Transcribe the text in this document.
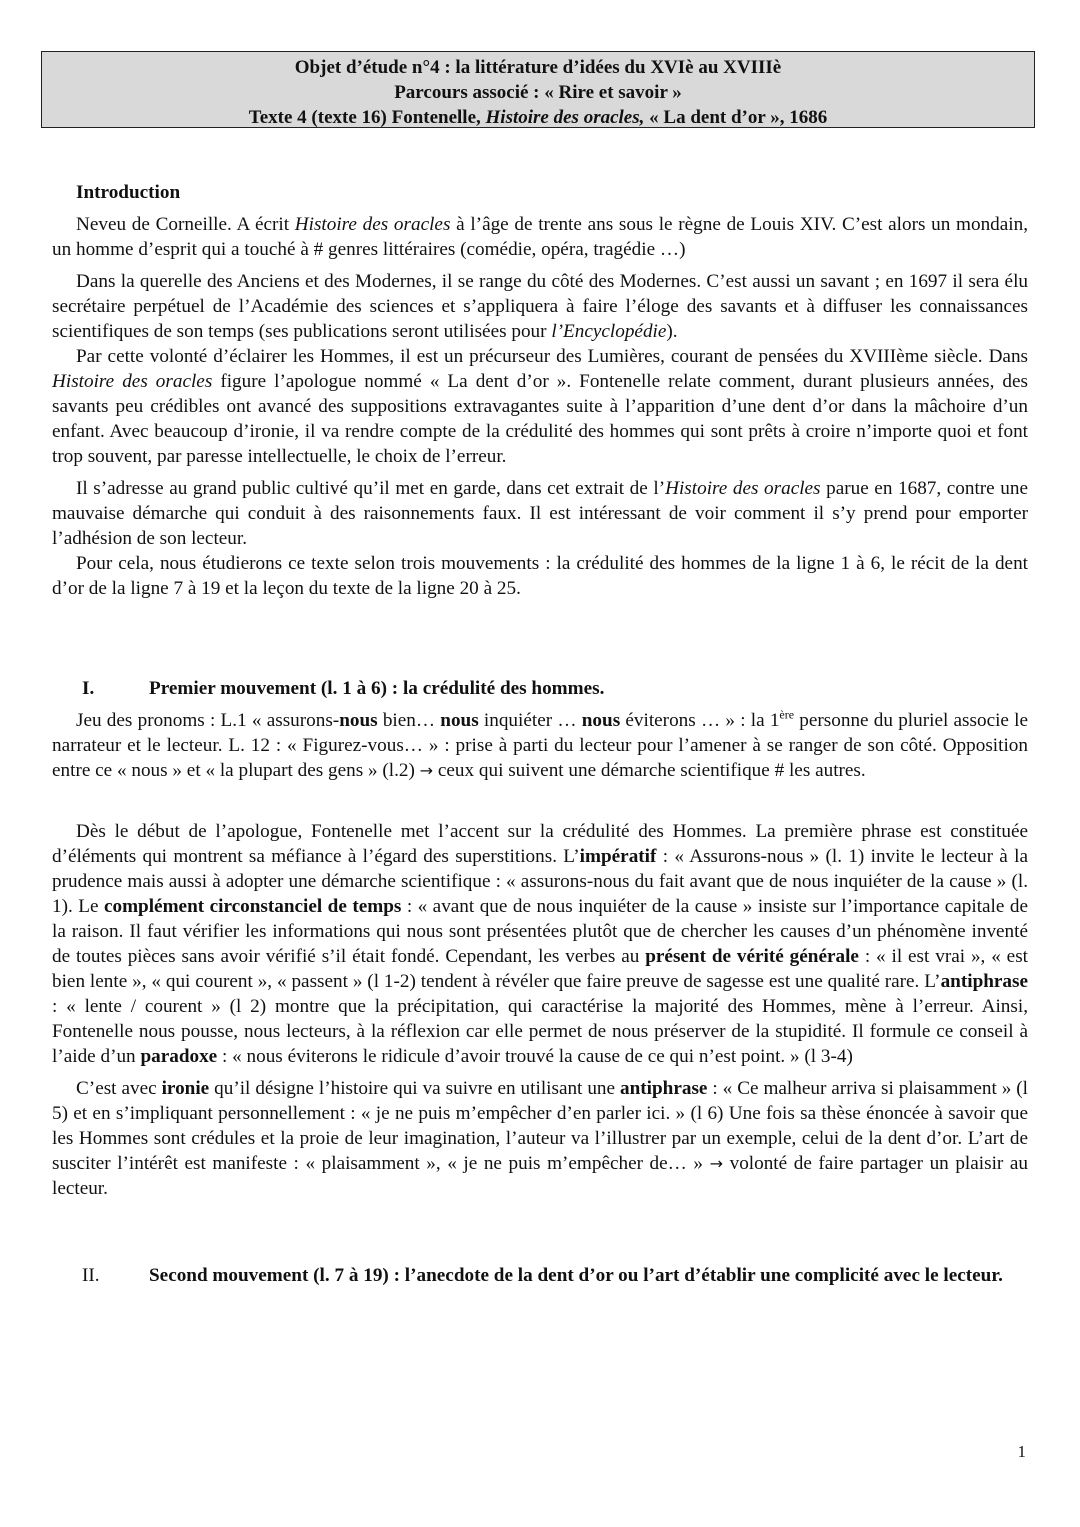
Objet d’étude n°4 : la littérature d’idées du XVIè au XVIIIè
Parcours associé : « Rire et savoir »
Texte 4 (texte 16) Fontenelle, Histoire des oracles, « La dent d’or », 1686
Introduction

Neveu de Corneille. A écrit Histoire des oracles à l’âge de trente ans sous le règne de Louis XIV. C’est alors un mondain, un homme d’esprit qui a touché à # genres littéraires (comédie, opéra, tragédie …)

Dans la querelle des Anciens et des Modernes, il se range du côté des Modernes. C’est aussi un savant ; en 1697 il sera élu secrétaire perpétuel de l’Académie des sciences et s’appliquera à faire l’éloge des savants et à diffuser les connaissances scientifiques de son temps (ses publications seront utilisées pour l’Encyclopédie).

Par cette volonté d’éclairer les Hommes, il est un précurseur des Lumières, courant de pensées du XVIIIème siècle. Dans Histoire des oracles figure l’apologue nommé « La dent d’or ». Fontenelle relate comment, durant plusieurs années, des savants peu crédibles ont avancé des suppositions extravagantes suite à l’apparition d’une dent d’or dans la mâchoire d’un enfant. Avec beaucoup d’ironie, il va rendre compte de la crédulité des hommes qui sont prêts à croire n’importe quoi et font trop souvent, par paresse intellectuelle, le choix de l’erreur.

Il s’adresse au grand public cultivé qu’il met en garde, dans cet extrait de l’Histoire des oracles parue en 1687, contre une mauvaise démarche qui conduit à des raisonnements faux. Il est intéressant de voir comment il s’y prend pour emporter l’adhésion de son lecteur.

Pour cela, nous étudierons ce texte selon trois mouvements : la crédulité des hommes de la ligne 1 à 6, le récit de la dent d’or de la ligne 7 à 19 et la leçon du texte de la ligne 20 à 25.

I.	Premier mouvement (l. 1 à 6) : la crédulité des hommes.

Jeu des pronoms : L.1 « assurons-nous bien… nous inquiéter … nous éviterons … » : la 1ère personne du pluriel associe le narrateur et le lecteur. L. 12 : « Figurez-vous… » : prise à parti du lecteur pour l’amener à se ranger de son côté. Opposition entre ce « nous » et « la plupart des gens » (l.2) → ceux qui suivent une démarche scientifique # les autres.

Dès le début de l’apologue, Fontenelle met l’accent sur la crédulité des Hommes. La première phrase est constituée d’éléments qui montrent sa méfiance à l’égard des superstitions. L’impératif : « Assurons-nous » (l. 1) invite le lecteur à la prudence mais aussi à adopter une démarche scientifique : « assurons-nous du fait avant que de nous inquiéter de la cause » (l. 1). Le complément circonstanciel de temps : « avant que de nous inquiéter de la cause » insiste sur l’importance capitale de la raison. Il faut vérifier les informations qui nous sont présentées plutôt que de chercher les causes d’un phénomène inventé de toutes pièces sans avoir vérifié s’il était fondé. Cependant, les verbes au présent de vérité générale : « il est vrai », « est bien lente », « qui courent », « passent » (l 1-2) tendent à révéler que faire preuve de sagesse est une qualité rare. L’antiphrase : « lente / courent » (l 2) montre que la précipitation, qui caractérise la majorité des Hommes, mène à l’erreur. Ainsi, Fontenelle nous pousse, nous lecteurs, à la réflexion car elle permet de nous préserver de la stupidité. Il formule ce conseil à l’aide d’un paradoxe : « nous éviterons le ridicule d’avoir trouvé la cause de ce qui n’est point. » (l 3-4)

C’est avec ironie qu’il désigne l’histoire qui va suivre en utilisant une antiphrase : « Ce malheur arriva si plaisamment » (l 5) et en s’impliquant personnellement : « je ne puis m’empêcher d’en parler ici. » (l 6) Une fois sa thèse énoncée à savoir que les Hommes sont crédules et la proie de leur imagination, l’auteur va l’illustrer par un exemple, celui de la dent d’or. L’art de susciter l’intérêt est manifeste : « plaisamment », « je ne puis m’empêcher de… » → volonté de faire partager un plaisir au lecteur.

II.	Second mouvement (l. 7 à 19) : l’anecdote de la dent d’or ou l’art d’établir une complicité avec le lecteur.
1
